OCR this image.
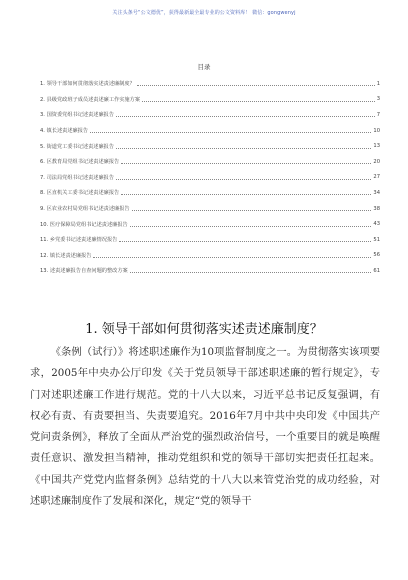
关注头条号“公文德优”，获得最新最全最专业的公文资料库！ 微信：gongwenyj
目录
1. 领导干部如何贯彻落实述责述廉制度？	1
2. 县级党政班子成员述责述廉工作实施方案	3
3. 国资委党组书记述责述廉报告	7
4. 镇长述责述廉报告	10
5. 街道党工委书记述责述廉报告	13
6. 区教育局党组书记述责述廉报告	20
7. 司法局党组书记述责述廉报告	27
8. 区直机关工委书记述责述廉报告	34
9. 区农业农村局党组书记述责述廉报告	38
10. 医疗保障局党组书记述责述廉报告	43
11. 乡党委书记述责述廉情况报告	51
12. 镇长述责述廉报告	56
13. 述责述廉报告自查问题的整改方案	61
1. 领导干部如何贯彻落实述责述廉制度？

《条例（试行）》将述职述廉作为10项监督制度之一。为贯彻落实该项要求，2005年中央办公厅印发《关于党员领导干部述职述廉的暂行规定》，专门对述职述廉工作进行规范。党的十八大以来，习近平总书记反复强调，有权必有责、有责要担当、失责要追究。2016年7月中共中央印发《中国共产党问责条例》，释放了全面从严治党的强烈政治信号，一个重要目的就是唤醒责任意识、激发担当精神，推动党组织和党的领导干部切实把责任扛起来。《中国共产党党内监督条例》总结党的十八大以来管党治党的成功经验，对述职述廉制度作了发展和深化，规定“党的领导干
